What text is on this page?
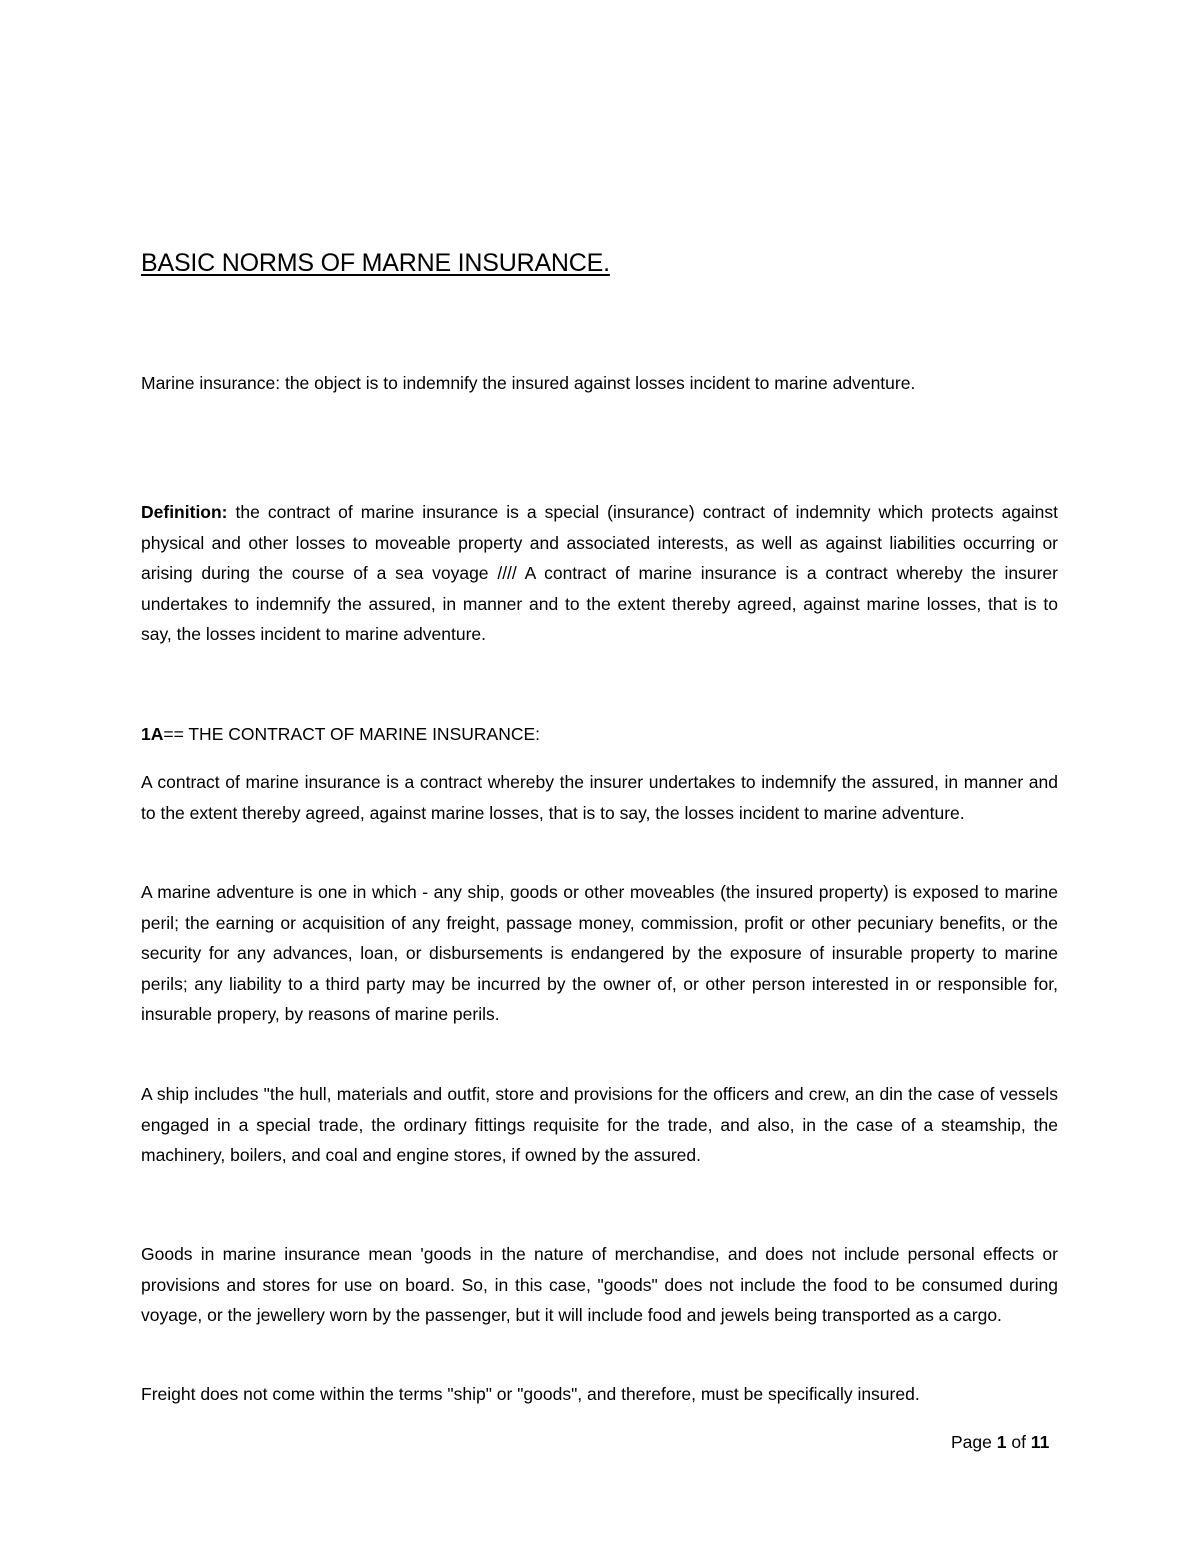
BASIC NORMS OF MARNE INSURANCE.

Marine insurance: the object is to indemnify the insured against losses incident to marine adventure.

Definition: the contract of marine insurance is a special (insurance) contract of indemnity which protects against physical and other losses to moveable property and associated interests, as well as against liabilities occurring or arising during the course of a sea voyage //// A contract of marine insurance is a contract whereby the insurer undertakes to indemnify the assured, in manner and to the extent thereby agreed, against marine losses, that is to say, the losses incident to marine adventure.

1A== THE CONTRACT OF MARINE INSURANCE:

A contract of marine insurance is a contract whereby the insurer undertakes to indemnify the assured, in manner and to the extent thereby agreed, against marine losses, that is to say, the losses incident to marine adventure.

A marine adventure is one in which - any ship, goods or other moveables (the insured property) is exposed to marine peril; the earning or acquisition of any freight, passage money, commission, profit or other pecuniary benefits, or the security for any advances, loan, or disbursements is endangered by the exposure of insurable property to marine perils; any liability to a third party may be incurred by the owner of, or other person interested in or responsible for, insurable propery, by reasons of marine perils.

A ship includes "the hull, materials and outfit, store and provisions for the officers and crew, an din the case of vessels engaged in a special trade, the ordinary fittings requisite for the trade, and also, in the case of a steamship, the machinery, boilers, and coal and engine stores, if owned by the assured.

Goods in marine insurance mean 'goods in the nature of merchandise, and does not include personal effects or provisions and stores for use on board. So, in this case, "goods" does not include the food to be consumed during voyage, or the jewellery worn by the passenger, but it will include food and jewels being transported as a cargo.

Freight does not come within the terms "ship" or "goods", and therefore, must be specifically insured.

Page 1 of 11
